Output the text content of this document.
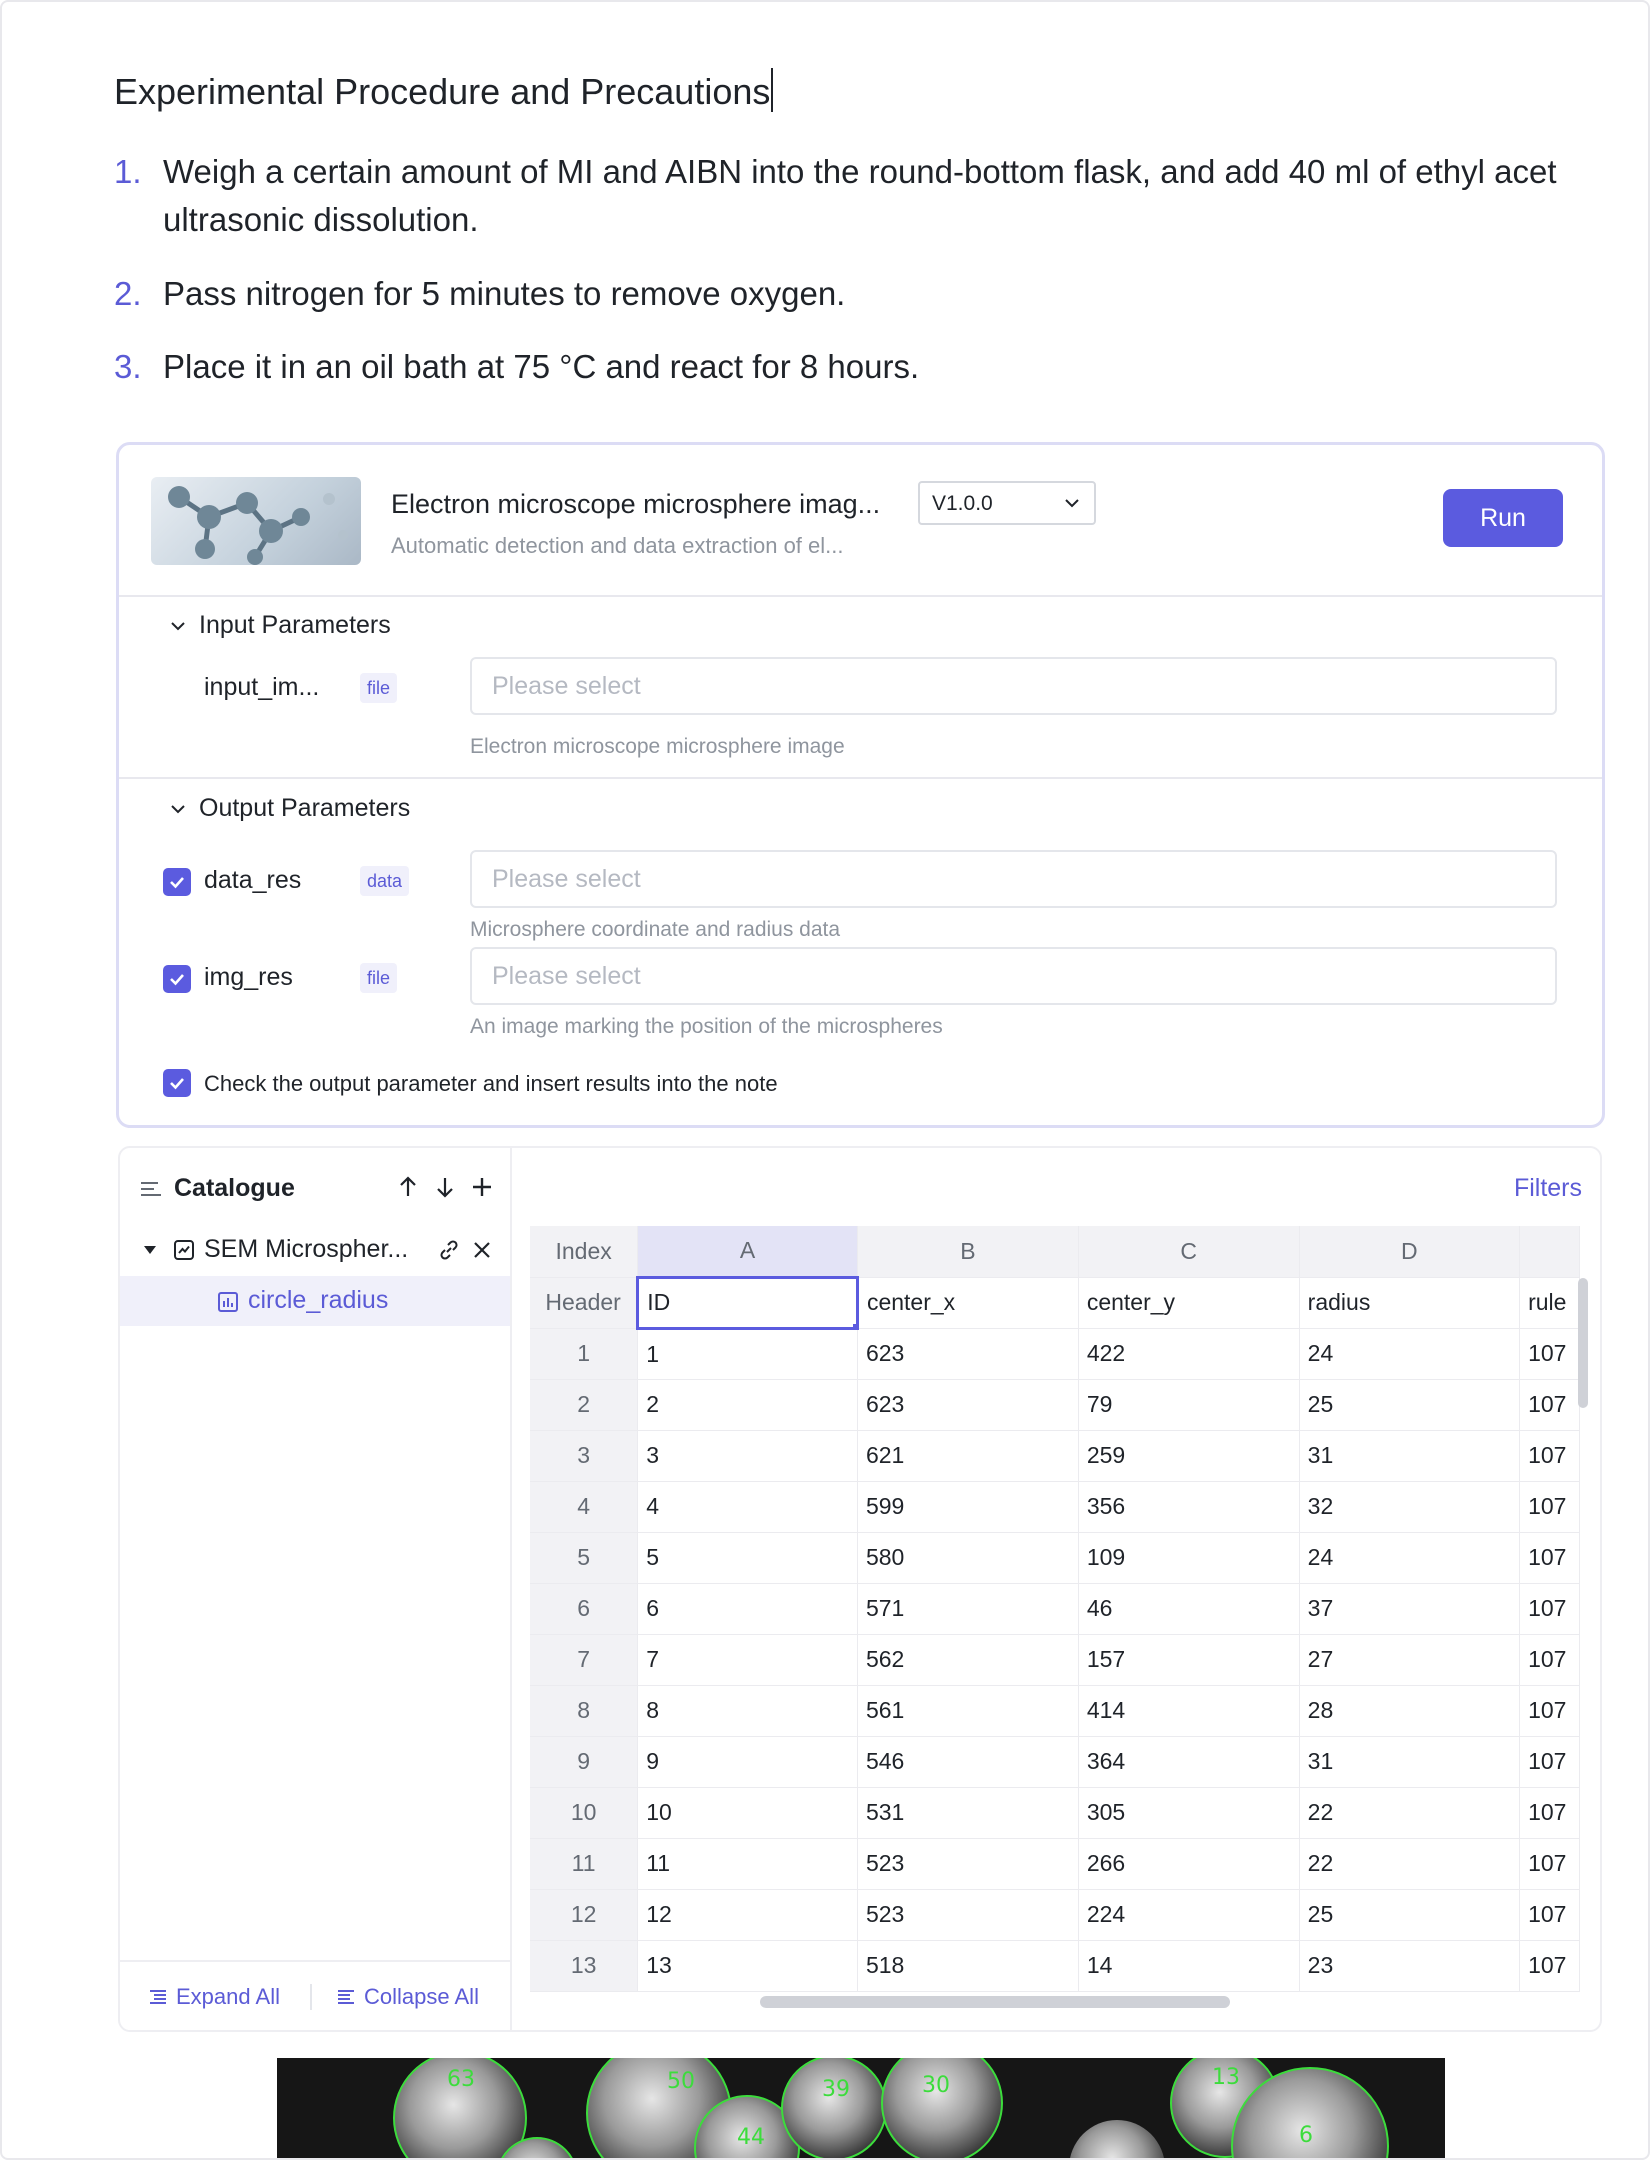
Experimental Procedure and Precautions
1. Weigh a certain amount of MI and AIBN into the round-bottom flask, and add 40 ml of ethyl acet
ultrasonic dissolution.
2. Pass nitrogen for 5 minutes to remove oxygen.
3. Place it in an oil bath at 75 °C and react for 8 hours.
Electron microscope microsphere imag...
Automatic detection and data extraction of el...
V1.0.0	Run
Input Parameters
input_im...	file	Please select
Electron microscope microsphere image
Output Parameters
data_res	data	Please select
Microsphere coordinate and radius data
img_res	file	Please select
An image marking the position of the microspheres
Check the output parameter and insert results into the note
Catalogue
SEM Microspher...
circle_radius
Expand All	Collapse All
Filters
Index	A	B	C	D	
Header	ID	center_x	center_y	radius	rule
1	1	623	422	24	107
2	2	623	79	25	107
3	3	621	259	31	107
4	4	599	356	32	107
5	5	580	109	24	107
6	6	571	46	37	107
7	7	562	157	27	107
8	8	561	414	28	107
9	9	546	364	31	107
10	10	531	305	22	107
11	11	523	266	22	107
12	12	523	224	25	107
13	13	518	14	23	107
63	50	39	30	13
44	6
